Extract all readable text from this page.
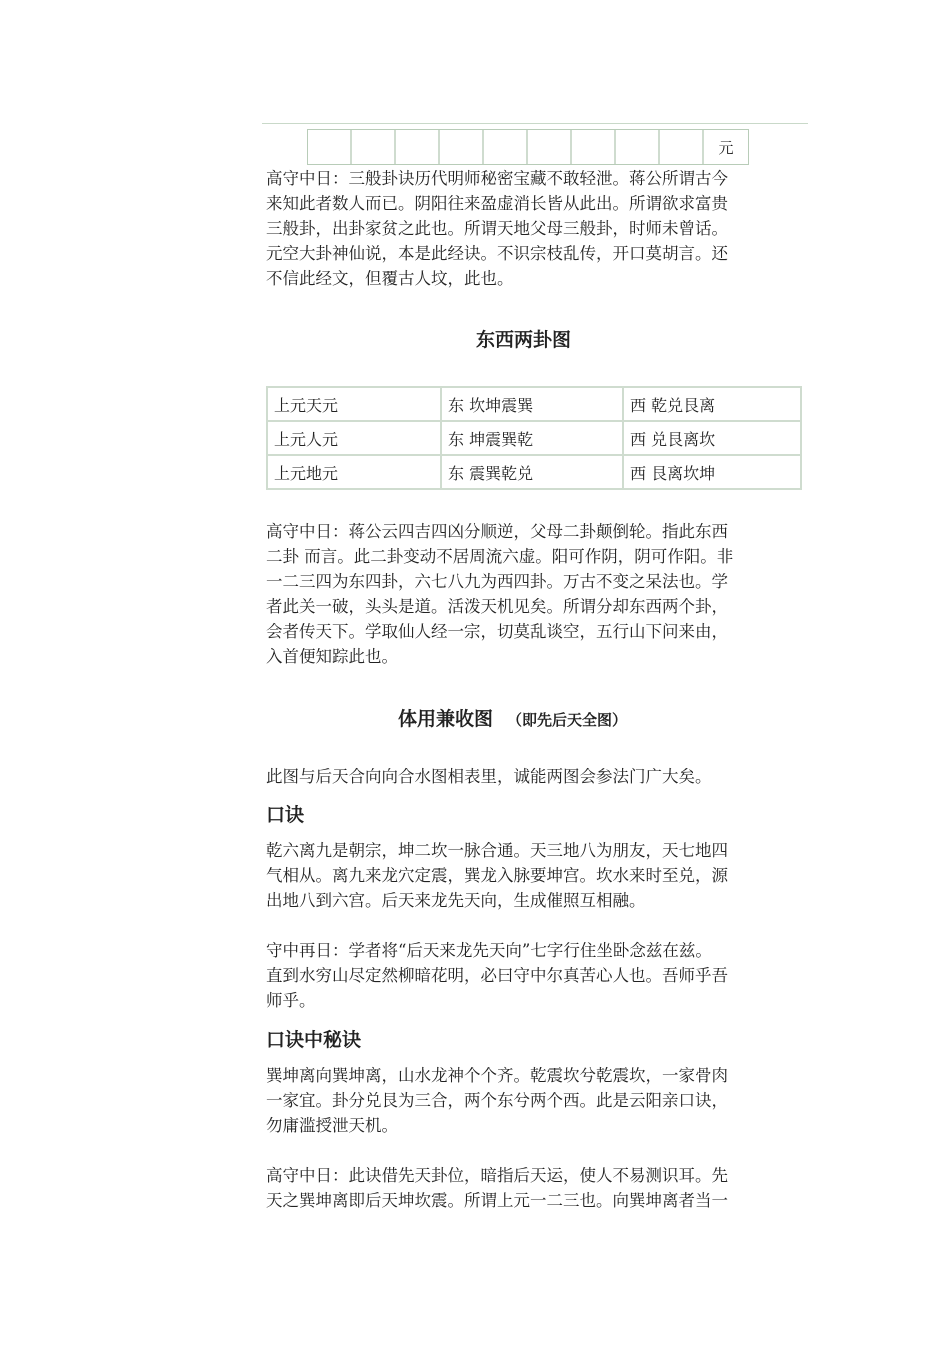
元

高守中日：三般卦诀历代明师秘密宝藏不敢轻泄。蒋公所谓古今
来知此者数人而已。阴阳往来盈虚消长皆从此出。所谓欲求富贵
三般卦，出卦家贫之此也。所谓天地父母三般卦，时师未曾话。
元空大卦神仙说，本是此经诀。不识宗枝乱传，开口莫胡言。还
不信此经文，但覆古人坟，此也。

东西两卦图
上元天元	东 坎坤震巽	西 乾兑艮离
上元人元	东 坤震巽乾	西 兑艮离坎
上元地元	东 震巽乾兑	西 艮离坎坤

高守中日：蒋公云四吉四凶分顺逆，父母二卦颠倒轮。指此东西
二卦 而言。此二卦变动不居周流六虚。阳可作阴，阴可作阳。非
一二三四为东四卦，六七八九为西四卦。万古不变之呆法也。学
者此关一破，头头是道。活泼天机见矣。所谓分却东西两个卦，
会者传天下。学取仙人经一宗，切莫乱谈空，五行山下问来由，
入首便知踪此也。

体用兼收图 （即先后天全图）

此图与后天合向向合水图相表里，诚能两图会参法门广大矣。

口诀

乾六离九是朝宗，坤二坎一脉合通。天三地八为朋友，天七地四
气相从。离九来龙穴定震，巽龙入脉要坤宫。坎水来时至兑，源
出地八到六宫。后天来龙先天向，生成催照互相融。

守中再日：学者将“后天来龙先天向”七字行住坐卧念兹在兹。
直到水穷山尽定然柳暗花明，必曰守中尔真苦心人也。吾师乎吾
师乎。

口诀中秘诀

巽坤离向巽坤离，山水龙神个个齐。乾震坎兮乾震坎，一家骨肉
一家宜。卦分兑艮为三合，两个东兮两个西。此是云阳亲口诀，
勿庸滥授泄天机。

高守中日：此诀借先天卦位，暗指后天运，使人不易测识耳。先
天之巽坤离即后天坤坎震。所谓上元一二三也。向巽坤离者当一
